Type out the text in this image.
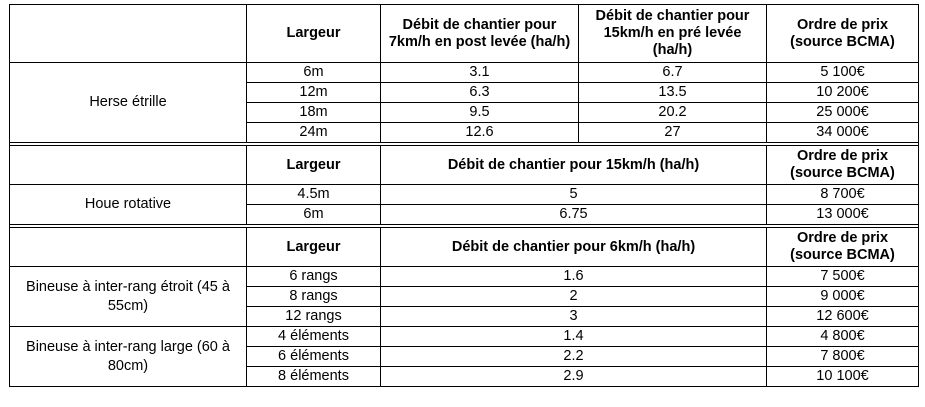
	Largeur	Débit de chantier pour 7km/h en post levée (ha/h)	Débit de chantier pour 15km/h en pré levée (ha/h)	Ordre de prix (source BCMA)
Herse étrille	6m	3.1	6.7	5 100€
	12m	6.3	13.5	10 200€
	18m	9.5	20.2	25 000€
	24m	12.6	27	34 000€

	Largeur	Débit de chantier pour 15km/h (ha/h)		Ordre de prix (source BCMA)
Houe rotative	4.5m	5		8 700€
	6m	6.75		13 000€

	Largeur	Débit de chantier pour 6km/h (ha/h)		Ordre de prix (source BCMA)
Bineuse à inter-rang étroit (45 à 55cm)	6 rangs	1.6		7 500€
	8 rangs	2		9 000€
	12 rangs	3		12 600€
Bineuse à inter-rang large (60 à 80cm)	4 éléments	1.4		4 800€
	6 éléments	2.2		7 800€
	8 éléments	2.9		10 100€
